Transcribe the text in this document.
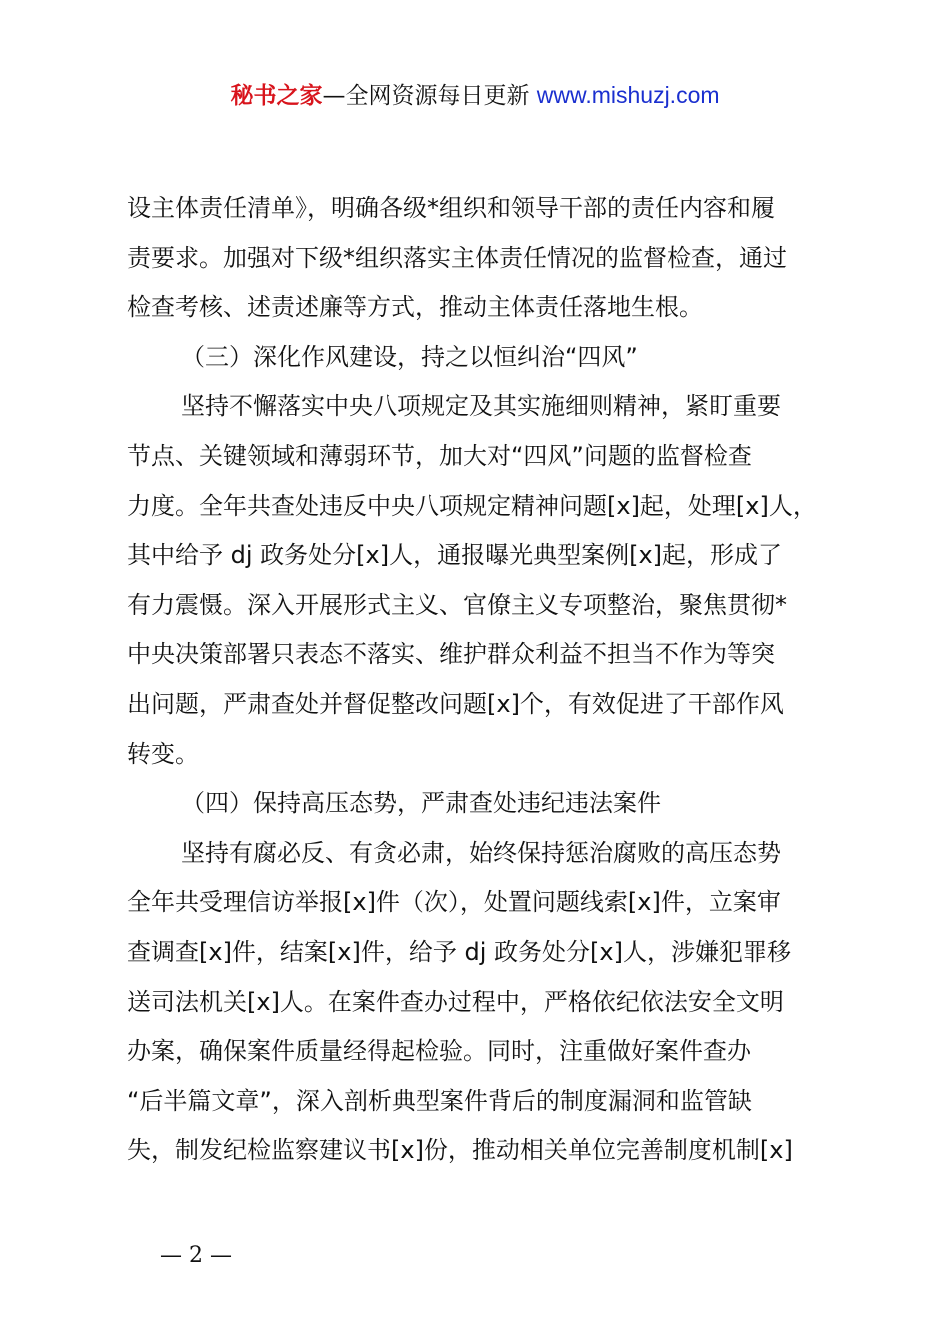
秘书之家—全网资源每日更新 www.mishuzj.com
设主体责任清单》，明确各级*组织和领导干部的责任内容和履
责要求。加强对下级*组织落实主体责任情况的监督检查，通过
检查考核、述责述廉等方式，推动主体责任落地生根。
（三）深化作风建设，持之以恒纠治“四风”
坚持不懈落实中央八项规定及其实施细则精神，紧盯重要
节点、关键领域和薄弱环节，加大对“四风”问题的监督检查
力度。全年共查处违反中央八项规定精神问题[x]起，处理[x]人，
其中给予 dj 政务处分[x]人，通报曝光典型案例[x]起，形成了
有力震慑。深入开展形式主义、官僚主义专项整治，聚焦贯彻*
中央决策部署只表态不落实、维护群众利益不担当不作为等突
出问题，严肃查处并督促整改问题[x]个，有效促进了干部作风
转变。
（四）保持高压态势，严肃查处违纪违法案件
坚持有腐必反、有贪必肃，始终保持惩治腐败的高压态势
全年共受理信访举报[x]件（次），处置问题线索[x]件，立案审
查调查[x]件，结案[x]件，给予 dj 政务处分[x]人，涉嫌犯罪移
送司法机关[x]人。在案件查办过程中，严格依纪依法安全文明
办案，确保案件质量经得起检验。同时，注重做好案件查办
“后半篇文章”，深入剖析典型案件背后的制度漏洞和监管缺
失，制发纪检监察建议书[x]份，推动相关单位完善制度机制[x]
— 2 —
